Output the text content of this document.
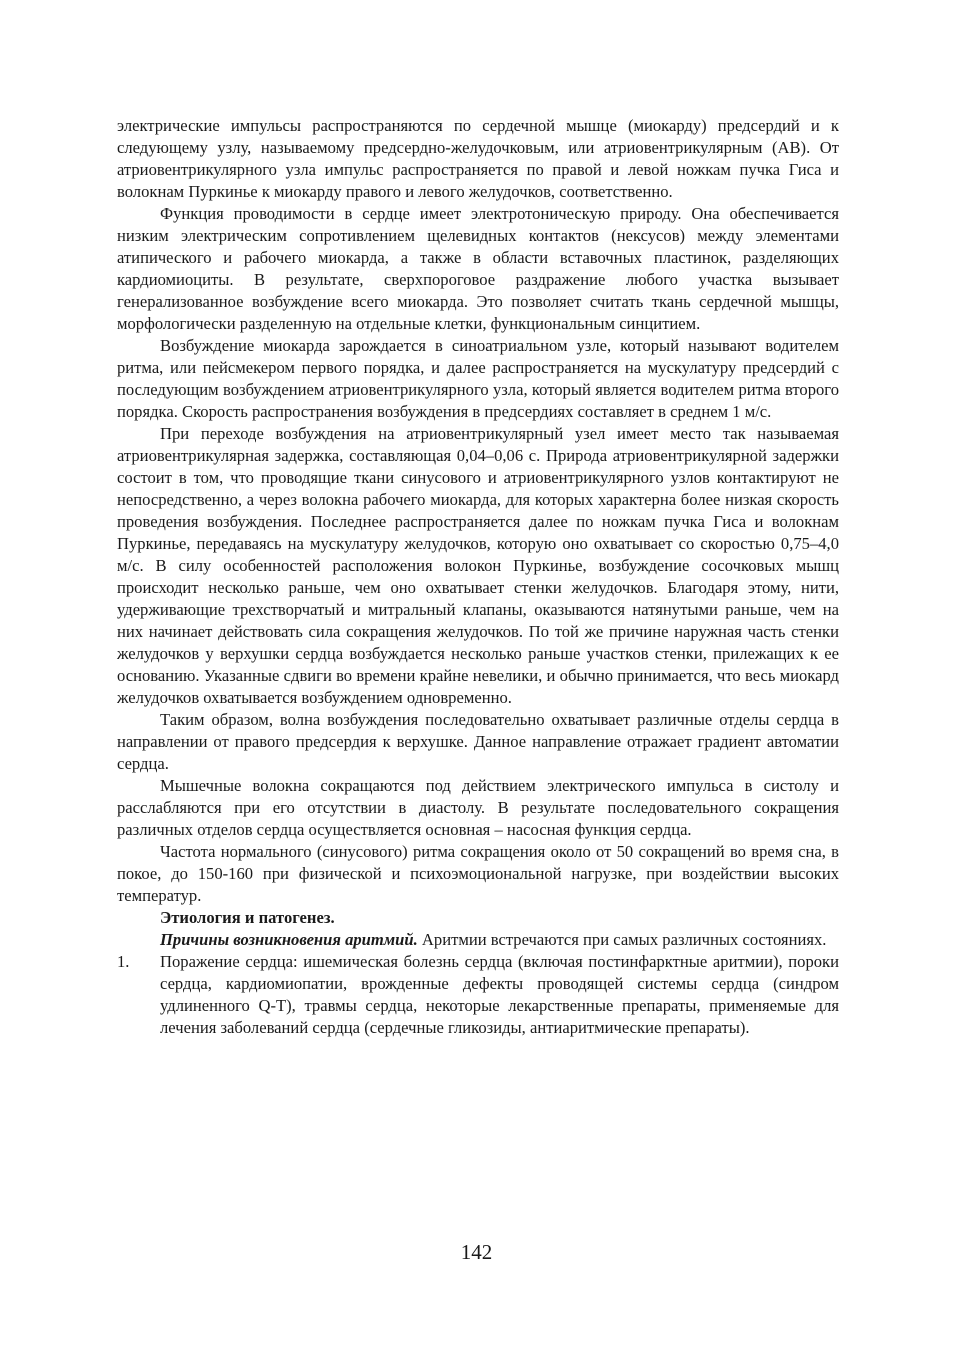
электрические импульсы распространяются по сердечной мышце (миокарду) предсердий и к следующему узлу, называемому предсердно-желудочковым, или атриовентрикулярным (АВ). От атриовентрикулярного узла импульс распространяется по правой и левой ножкам пучка Гиса и волокнам Пуркинье к миокарду правого и левого желудочков, соответственно.

Функция проводимости в сердце имеет электротоническую природу. Она обеспечивается низким электрическим сопротивлением щелевидных контактов (нексусов) между элементами атипического и рабочего миокарда, а также в области вставочных пластинок, разделяющих кардиомиоциты. В результате, сверхпороговое раздражение любого участка вызывает генерализованное возбуждение всего миокарда. Это позволяет считать ткань сердечной мышцы, морфологически разделенную на отдельные клетки, функциональным синцитием.

Возбуждение миокарда зарождается в синоатриальном узле, который называют водителем ритма, или пейсмекером первого порядка, и далее распространяется на мускулатуру предсердий с последующим возбуждением атриовентрикулярного узла, который является водителем ритма второго порядка. Скорость распространения возбуждения в предсердиях составляет в среднем 1 м/с.

При переходе возбуждения на атриовентрикулярный узел имеет место так называемая атриовентрикулярная задержка, составляющая 0,04–0,06 с. Природа атриовентрикулярной задержки состоит в том, что проводящие ткани синусового и атриовентрикулярного узлов контактируют не непосредственно, а через волокна рабочего миокарда, для которых характерна более низкая скорость проведения возбуждения. Последнее распространяется далее по ножкам пучка Гиса и волокнам Пуркинье, передаваясь на мускулатуру желудочков, которую оно охватывает со скоростью 0,75–4,0 м/с. В силу особенностей расположения волокон Пуркинье, возбуждение сосочковых мышц происходит несколько раньше, чем оно охватывает стенки желудочков. Благодаря этому, нити, удерживающие трехстворчатый и митральный клапаны, оказываются натянутыми раньше, чем на них начинает действовать сила сокращения желудочков. По той же причине наружная часть стенки желудочков у верхушки сердца возбуждается несколько раньше участков стенки, прилежащих к ее основанию. Указанные сдвиги во времени крайне невелики, и обычно принимается, что весь миокард желудочков охватывается возбуждением одновременно.

Таким образом, волна возбуждения последовательно охватывает различные отделы сердца в направлении от правого предсердия к верхушке. Данное направление отражает градиент автоматии сердца.

Мышечные волокна сокращаются под действием электрического импульса в систолу и расслабляются при его отсутствии в диастолу. В результате последовательного сокращения различных отделов сердца осуществляется основная – насосная функция сердца.

Частота нормального (синусового) ритма сокращения около от 50 сокращений во время сна, в покое, до 150-160 при физической и психоэмоциональной нагрузке, при воздействии высоких температур.

Этиология и патогенез.

Причины возникновения аритмий. Аритмии встречаются при самых различных состояниях.

1.	Поражение сердца: ишемическая болезнь сердца (включая постинфарктные аритмии), пороки сердца, кардиомиопатии, врожденные дефекты проводящей системы сердца (синдром удлиненного Q-T), травмы сердца, некоторые лекарственные препараты, применяемые для лечения заболеваний сердца (сердечные гликозиды, антиаритмические препараты).
142
